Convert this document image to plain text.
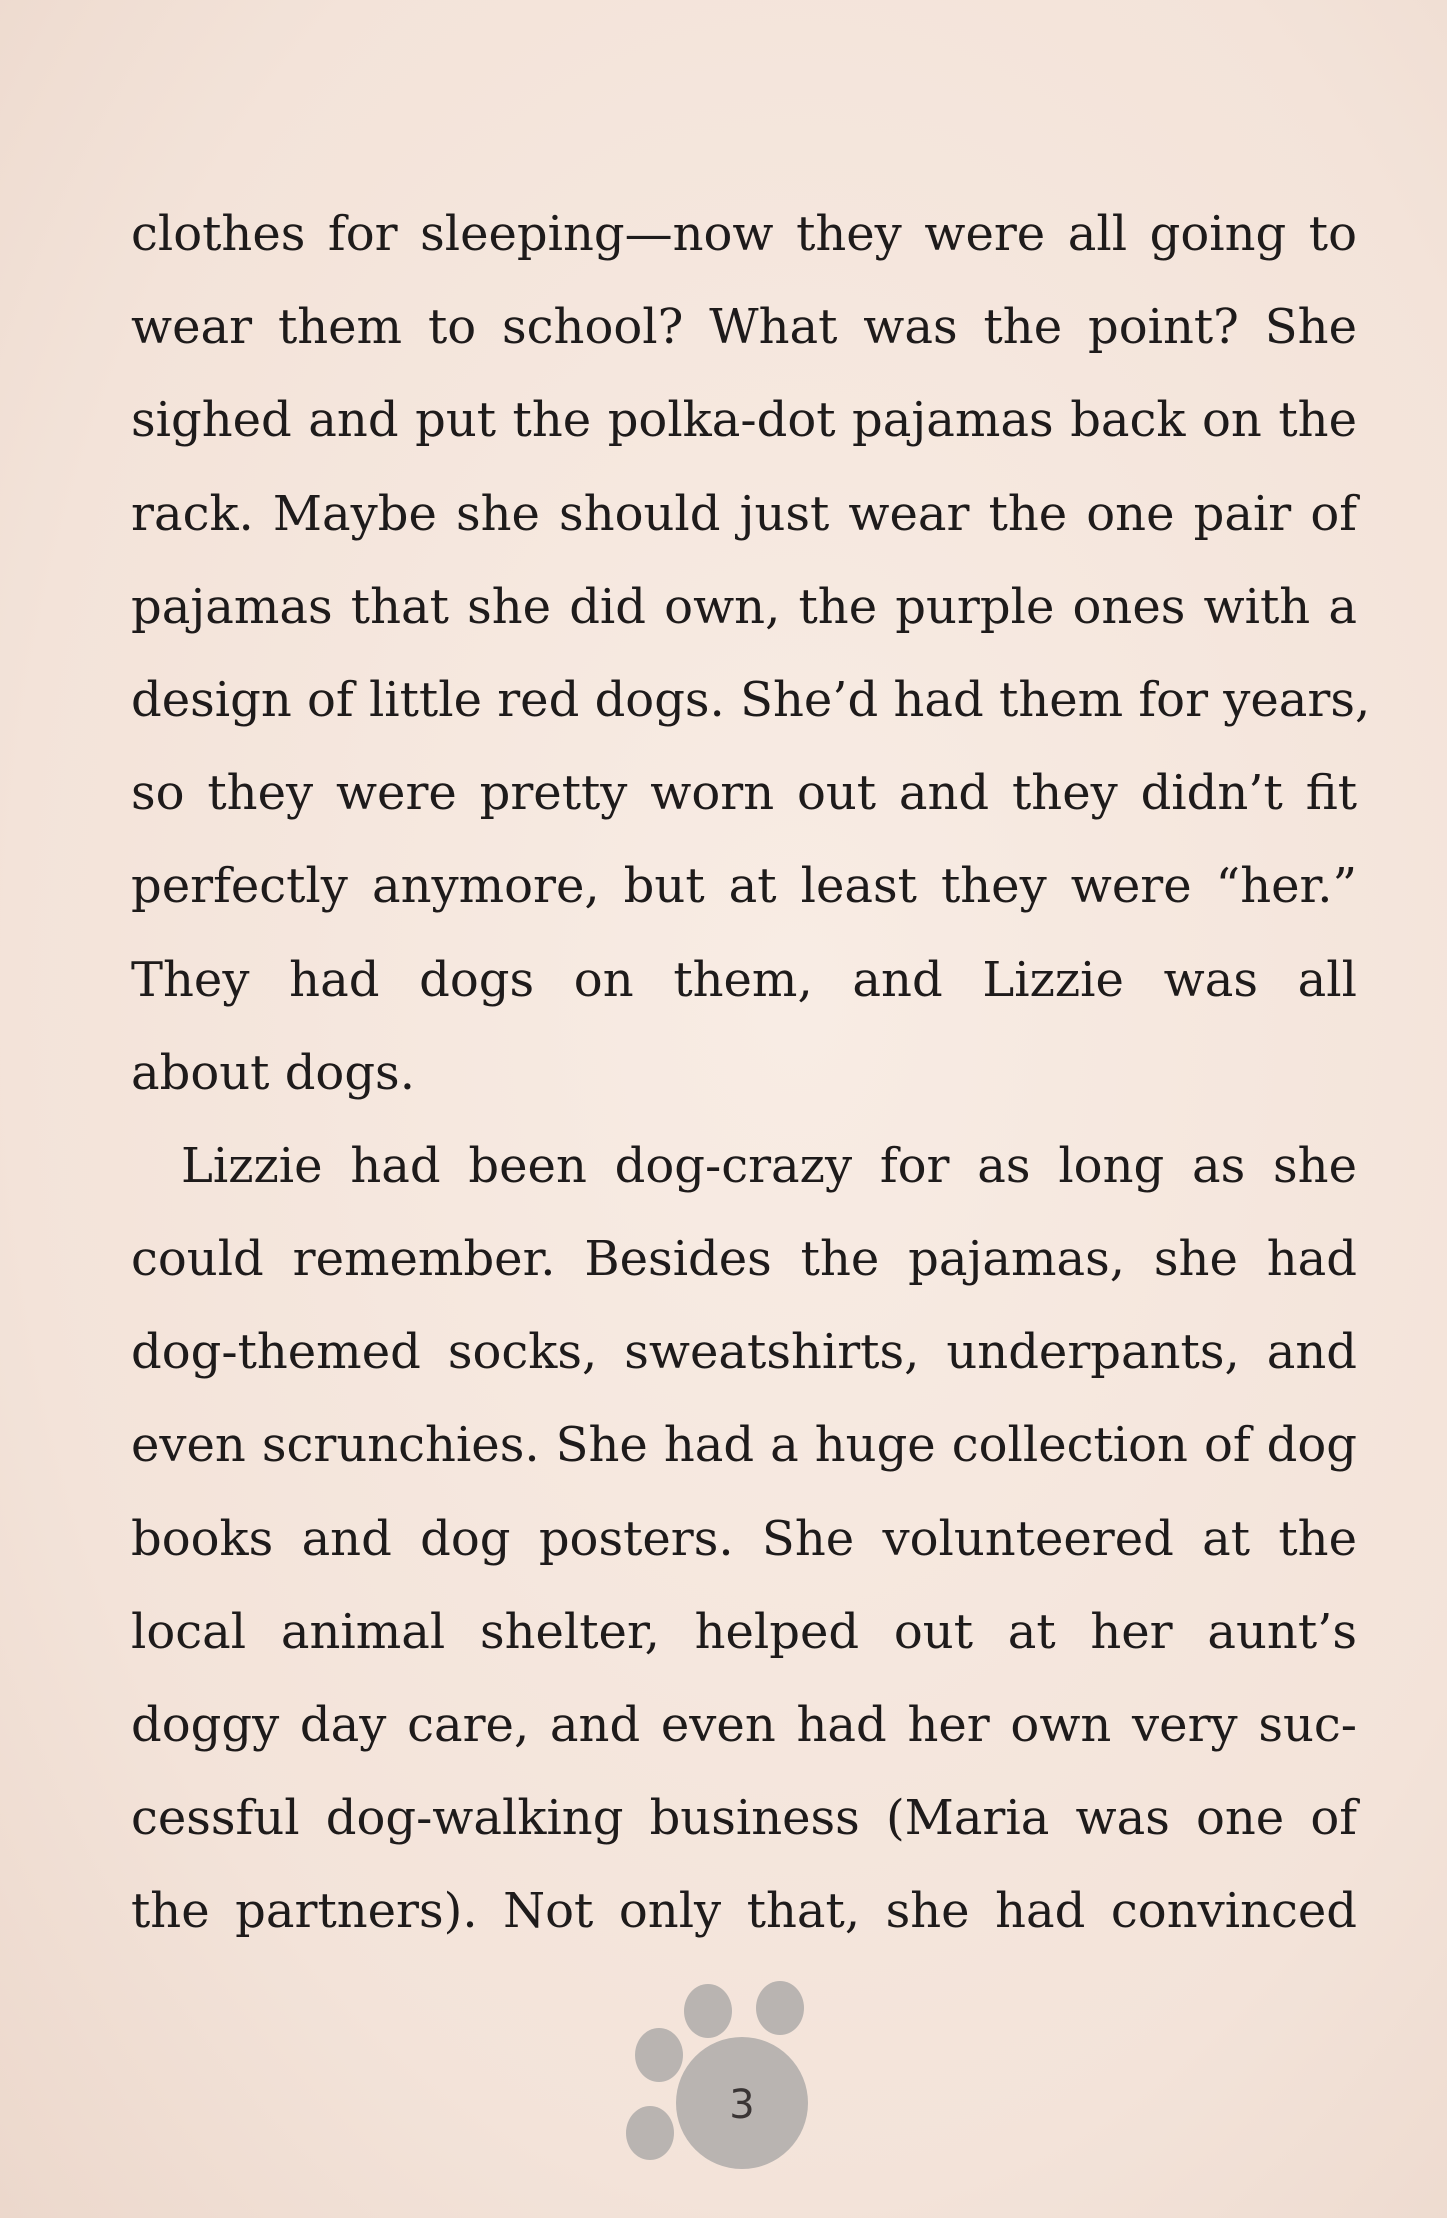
clothes for sleeping—now they were all going to
wear them to school? What was the point? She
sighed and put the polka-dot pajamas back on the
rack. Maybe she should just wear the one pair of
pajamas that she did own, the purple ones with a
design of little red dogs. She’d had them for years,
so they were pretty worn out and they didn’t fit
perfectly anymore, but at least they were “her.”
They had dogs on them, and Lizzie was all
about dogs.
Lizzie had been dog-crazy for as long as she
could remember. Besides the pajamas, she had
dog-themed socks, sweatshirts, underpants, and
even scrunchies. She had a huge collection of dog
books and dog posters. She volunteered at the
local animal shelter, helped out at her aunt’s
doggy day care, and even had her own very suc-
cessful dog-walking business (Maria was one of
the partners). Not only that, she had convinced
3
